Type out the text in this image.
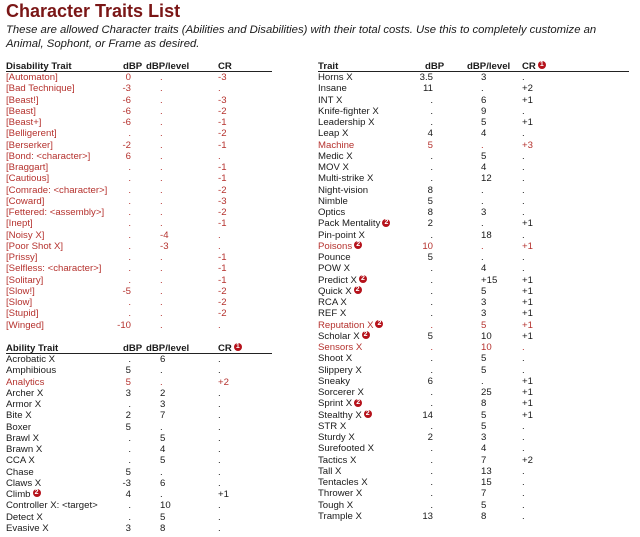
Character Traits List
These are allowed Character traits (Abilities and Disabilities) with their total costs. Use this to completely customize an Animal, Sophont, or Frame as desired.
Disability Trait	dBP dBP/level	CR
[Automaton]	0	.	-3
[Bad Technique]	-3	.	.
[Beast!]	-6	.	-3
[Beast]	-6	.	-2
[Beast+]	-6	.	-1
[Belligerent]	.	.	-2
[Berserker]	-2	.	-1
[Bond: <character>]	6	.	.
[Braggart]	.	.	-1
[Cautious]	.	.	-1
[Comrade: <character>]	.	.	-2
[Coward]	.	.	-3
[Fettered: <assembly>]	.	.	-2
[Inept]	.	.	-1
[Noisy X]	.	-4	.
[Poor Shot X]	.	-3	.
[Prissy]	.	.	-1
[Selfless: <character>]	.	.	-1
[Solitary]	.	.	-1
[Slow!]	-5	.	-2
[Slow]	.	.	-2
[Stupid]	.	.	-2
[Winged]	-10	.	.
Ability Trait	dBP dBP/level	CR 1
Acrobatic X	.	6	.
Amphibious	5	.	.
Analytics	5	.	+2
Archer X	3	2	.
Armor X	.	3	.
Bite X	2	7	.
Boxer	5	.	.
Brawl X	.	5	.
Brawn X	.	4	.
CCA X	.	5	.
Chase	5	.	.
Claws X	-3	6	.
Climb 2	4	.	+1
Controller X: <target>	.	10	.
Detect X	.	5	.
Evasive X	3	8	.
Trait	dBP dBP/level CR 1
Horns X	3.5	3	.
Insane	11	.	+2
INT X	.	6	+1
Knife-fighter X	.	9	.
Leadership X	.	5	+1
Leap X	4	4	.
Machine	5	.	+3
Medic X	.	5	.
MOV X	.	4	.
Multi-strike X	.	12	.
Night-vision	8	.	.
Nimble	5	.	.
Optics	8	3	.
Pack Mentality 2	2	.	+1
Pin-point X	.	18	.
Poisons 2	10	.	+1
Pounce	5	.	.
POW X	.	4	.
Predict X 2	.	+15	+1
Quick X 2	.	5	+1
RCA X	.	3	+1
REF X	.	3	+1
Reputation X 2	.	5	+1
Scholar X 2	5	10	+1
Sensors X	.	10	.
Shoot X	.	5	.
Slippery X	.	5	.
Sneaky	6	.	+1
Sorcerer X	.	25	+1
Sprint X 2	.	8	+1
Stealthy X 2	14	5	+1
STR X	.	5	.
Sturdy X	2	3	.
Surefooted X	.	4	.
Tactics X	.	7	+2
Tall X	.	13	.
Tentacles X	.	15	.
Thrower X	.	7	.
Tough X	.	5	.
Trample X	13	8	.
